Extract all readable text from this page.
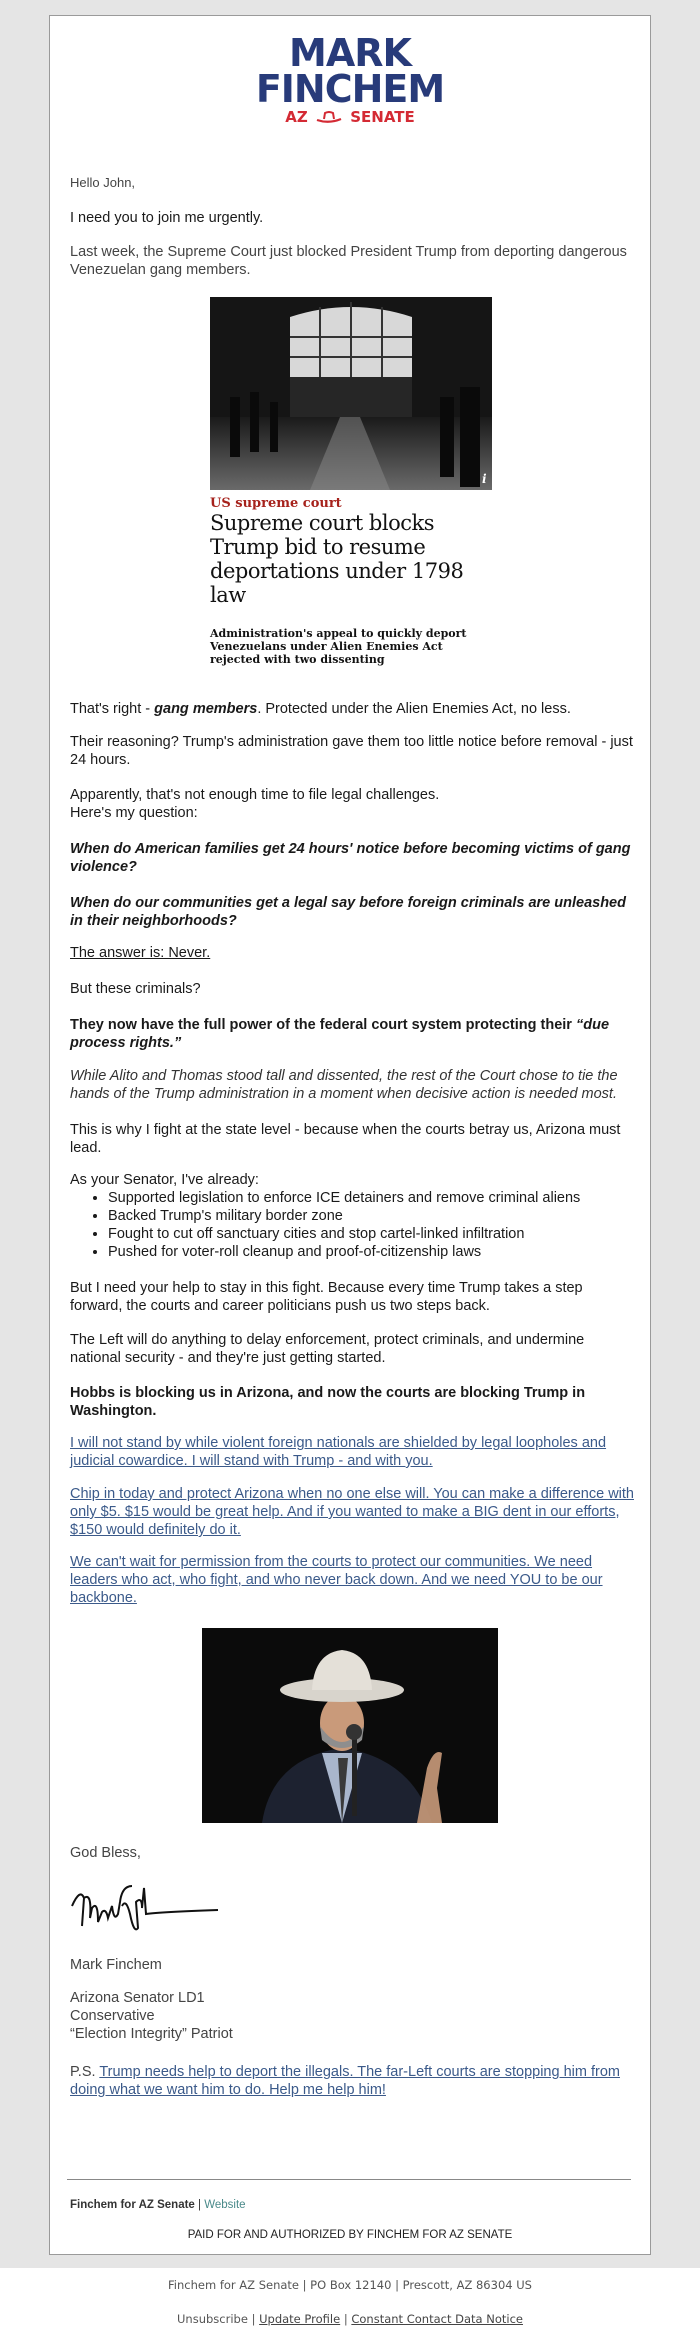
MARK
FINCHEM
AZ	SENATE
Hello John,
I need you to join me urgently.
Last week, the Supreme Court just blocked President Trump from deporting dangerous Venezuelan gang members.
i
US supreme court
Supreme court blocks Trump bid to resume deportations under 1798 law
Administration's appeal to quickly deport Venezuelans under Alien Enemies Act rejected with two dissenting
That's right - gang members. Protected under the Alien Enemies Act, no less.
Their reasoning? Trump's administration gave them too little notice before removal - just 24 hours.
Apparently, that's not enough time to file legal challenges.
Here's my question:
When do American families get 24 hours' notice before becoming victims of gang violence?
When do our communities get a legal say before foreign criminals are unleashed in their neighborhoods?
The answer is: Never.
But these criminals?
They now have the full power of the federal court system protecting their “due process rights.”
While Alito and Thomas stood tall and dissented, the rest of the Court chose to tie the hands of the Trump administration in a moment when decisive action is needed most.
This is why I fight at the state level - because when the courts betray us, Arizona must lead.
As your Senator, I've already:
• Supported legislation to enforce ICE detainers and remove criminal aliens
• Backed Trump's military border zone
• Fought to cut off sanctuary cities and stop cartel-linked infiltration
• Pushed for voter-roll cleanup and proof-of-citizenship laws
But I need your help to stay in this fight. Because every time Trump takes a step forward, the courts and career politicians push us two steps back.
The Left will do anything to delay enforcement, protect criminals, and undermine national security - and they're just getting started.
Hobbs is blocking us in Arizona, and now the courts are blocking Trump in Washington.
I will not stand by while violent foreign nationals are shielded by legal loopholes and judicial cowardice. I will stand with Trump - and with you.
Chip in today and protect Arizona when no one else will. You can make a difference with only $5. $15 would be great help. And if you wanted to make a BIG dent in our efforts, $150 would definitely do it.
We can't wait for permission from the courts to protect our communities. We need leaders who act, who fight, and who never back down. And we need YOU to be our backbone.
God Bless,
Mark Finchem
Arizona Senator LD1
Conservative
“Election Integrity” Patriot
P.S. Trump needs help to deport the illegals. The far-Left courts are stopping him from doing what we want him to do. Help me help him!
Finchem for AZ Senate | Website
PAID FOR AND AUTHORIZED BY FINCHEM FOR AZ SENATE
Finchem for AZ Senate | PO Box 12140 | Prescott, AZ 86304 US
Unsubscribe | Update Profile | Constant Contact Data Notice
